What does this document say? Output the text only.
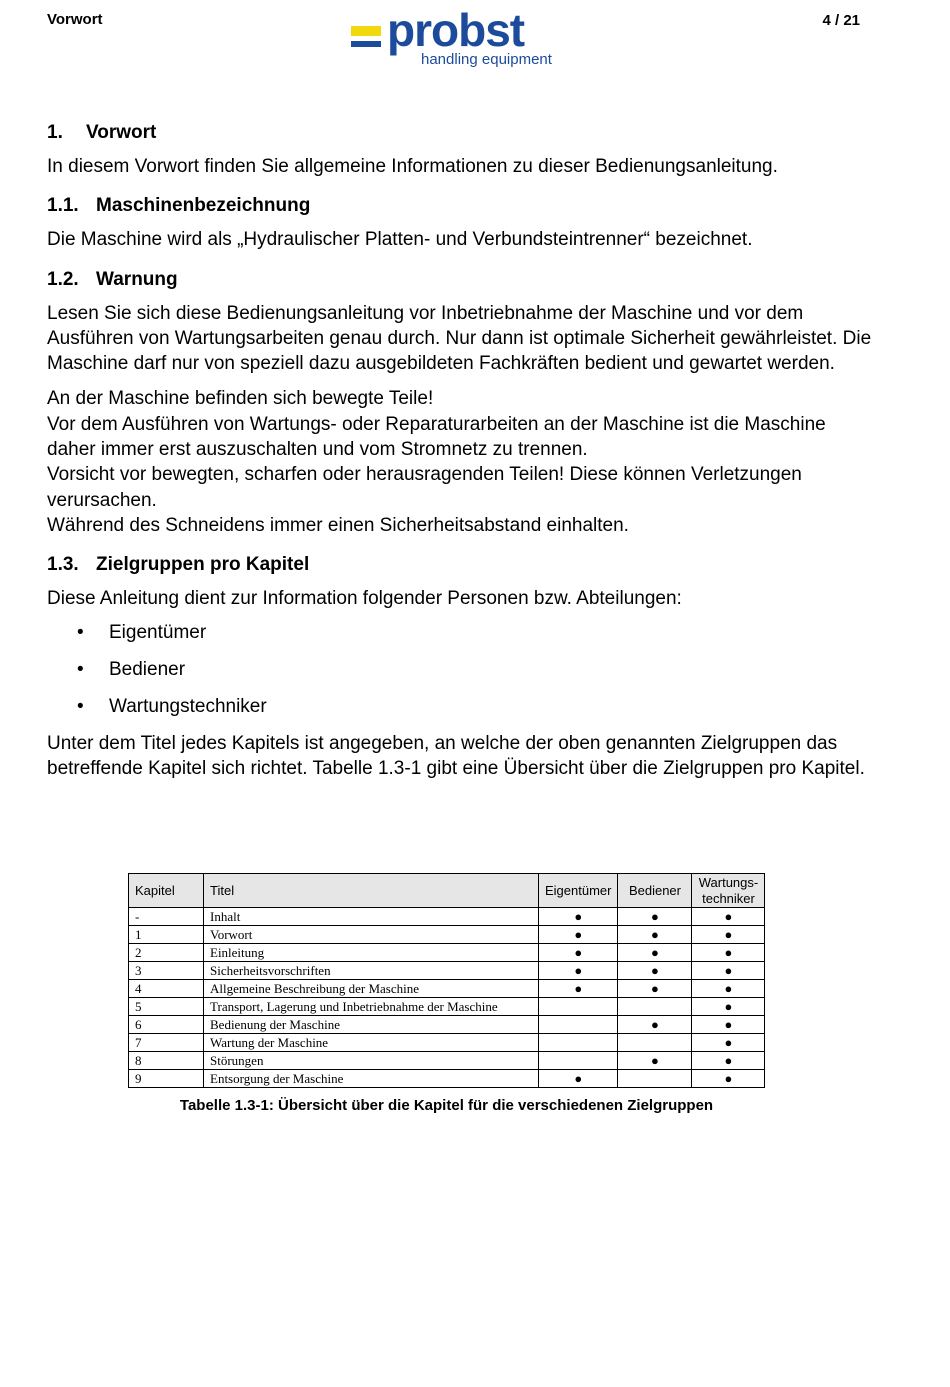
Vorwort	4 / 21
probst
handling equipment
1.	Vorwort

In diesem Vorwort finden Sie allgemeine Informationen zu dieser Bedienungsanleitung.

1.1. Maschinenbezeichnung

Die Maschine wird als „Hydraulischer Platten- und Verbundsteintrenner“ bezeichnet.

1.2. Warnung

Lesen Sie sich diese Bedienungsanleitung vor Inbetriebnahme der Maschine und vor dem Ausführen von Wartungsarbeiten genau durch. Nur dann ist optimale Sicherheit gewährleistet. Die Maschine darf nur von speziell dazu ausgebildeten Fachkräften bedient und gewartet werden.

An der Maschine befinden sich bewegte Teile!

Vor dem Ausführen von Wartungs- oder Reparaturarbeiten an der Maschine ist die Maschine daher immer erst auszuschalten und vom Stromnetz zu trennen.

Vorsicht vor bewegten, scharfen oder herausragenden Teilen! Diese können Verletzungen verursachen.

Während des Schneidens immer einen Sicherheitsabstand einhalten.

1.3. Zielgruppen pro Kapitel

Diese Anleitung dient zur Information folgender Personen bzw. Abteilungen:

•	Eigentümer
•	Bediener
•	Wartungstechniker

Unter dem Titel jedes Kapitels ist angegeben, an welche der oben genannten Zielgruppen das betreffende Kapitel sich richtet. Tabelle 1.3-1 gibt eine Übersicht über die Zielgruppen pro Kapitel.

Kapitel	Titel	Eigentümer	Bediener	Wartungs-
techniker
-	Inhalt	●	●	●
1	Vorwort	●	●	●
2	Einleitung	●	●	●
3	Sicherheitsvorschriften	●	●	●
4	Allgemeine Beschreibung der Maschine	●	●	●
5	Transport, Lagerung und Inbetriebnahme der Maschine			●
6	Bedienung der Maschine		●	●
7	Wartung der Maschine			●
8	Störungen		●	●
9	Entsorgung der Maschine	●		●
Tabelle 1.3-1: Übersicht über die Kapitel für die verschiedenen Zielgruppen
